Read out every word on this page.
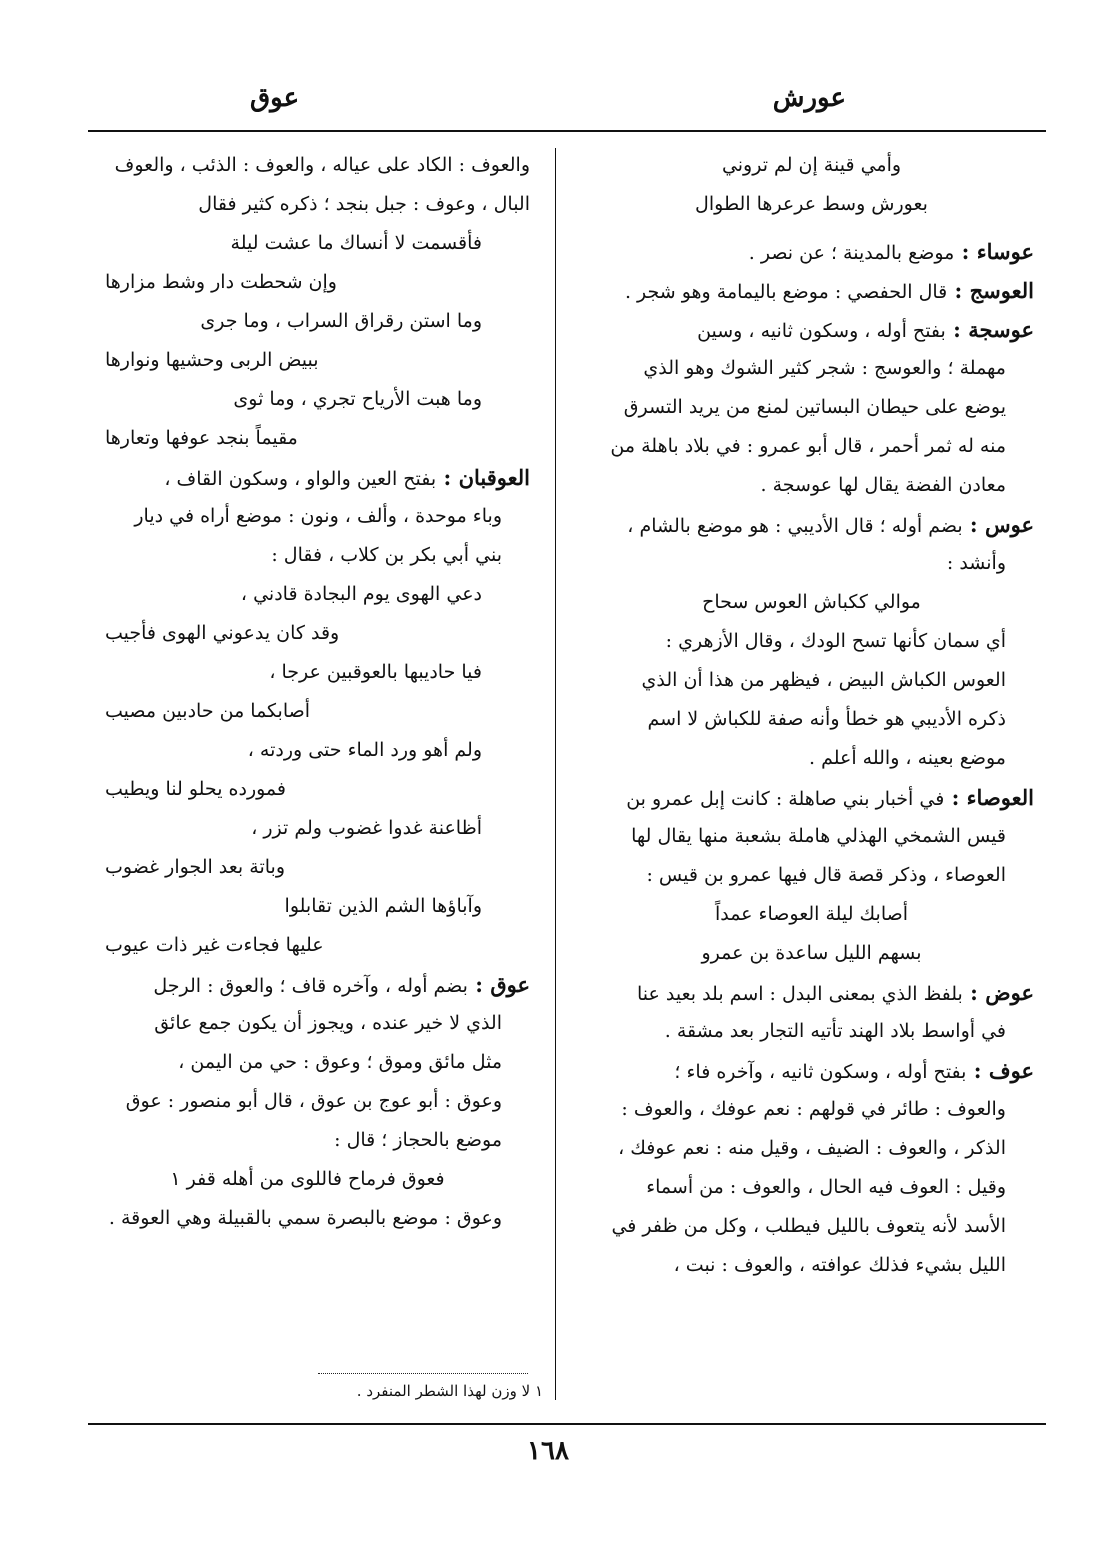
عورش
عوق
وأمي قينة إن لم تروني
بعورش وسط عرعرها الطوال
عوساء : موضع بالمدينة ؛ عن نصر .
العوسج : قال الحفصي : موضع باليمامة وهو شجر .
عوسجة : بفتح أوله ، وسكون ثانيه ، وسين
مهملة ؛ والعوسج : شجر كثير الشوك وهو الذي
يوضع على حيطان البساتين لمنع من يريد التسرق
منه له ثمر أحمر ، قال أبو عمرو : في بلاد باهلة من
معادن الفضة يقال لها عوسجة .
عوس : بضم أوله ؛ قال الأديبي : هو موضع بالشام ،
وأنشد :
موالي ككباش العوس سحاح
أي سمان كأنها تسح الودك ، وقال الأزهري :
العوس الكباش البيض ، فيظهر من هذا أن الذي
ذكره الأديبي هو خطأ وأنه صفة للكباش لا اسم
موضع بعينه ، والله أعلم .
العوصاء : في أخبار بني صاهلة : كانت إبل عمرو بن
قيس الشمخي الهذلي هاملة بشعبة منها يقال لها
العوصاء ، وذكر قصة قال فيها عمرو بن قيس :
أصابك ليلة العوصاء عمداً
بسهم الليل ساعدة بن عمرو
عوض : بلفظ الذي بمعنى البدل : اسم بلد بعيد عنا
في أواسط بلاد الهند تأتيه التجار بعد مشقة .
عوف : بفتح أوله ، وسكون ثانيه ، وآخره فاء ؛
والعوف : طائر في قولهم : نعم عوفك ، والعوف :
الذكر ، والعوف : الضيف ، وقيل منه : نعم عوفك ،
وقيل : العوف فيه الحال ، والعوف : من أسماء
الأسد لأنه يتعوف بالليل فيطلب ، وكل من ظفر في
الليل بشيء فذلك عوافته ، والعوف : نبت ،
والعوف : الكاد على عياله ، والعوف : الذئب ، والعوف
البال ، وعوف : جبل بنجد ؛ ذكره كثير فقال
فأقسمت لا أنساك ما عشت ليلة
وإن شحطت دار وشط مزارها
وما استن رقراق السراب ، وما جرى
ببيض الربى وحشيها ونوارها
وما هبت الأرياح تجري ، وما ثوى
مقيماً بنجد عوفها وتعارها
العوقبان : بفتح العين والواو ، وسكون القاف ،
وباء موحدة ، وألف ، ونون : موضع أراه في ديار
بني أبي بكر بن كلاب ، فقال :
دعي الهوى يوم البجادة قادني ،
وقد كان يدعوني الهوى فأجيب
فيا حاديبها بالعوقبين عرجا ،
أصابكما من حادبين مصيب
ولم أهو ورد الماء حتى وردته ،
فمورده يحلو لنا ويطيب
أظاعنة غدوا غضوب ولم تزر ،
وباتة بعد الجوار غضوب
وآباؤها الشم الذين تقابلوا
عليها فجاءت غير ذات عيوب
عوق : بضم أوله ، وآخره قاف ؛ والعوق : الرجل
الذي لا خير عنده ، ويجوز أن يكون جمع عائق
مثل مائق وموق ؛ وعوق : حي من اليمن ،
وعوق : أبو عوج بن عوق ، قال أبو منصور : عوق
موضع بالحجاز ؛ قال :
فعوق فرماح فاللوى من أهله قفر ١
وعوق : موضع بالبصرة سمي بالقبيلة وهي العوقة .
١ لا وزن لهذا الشطر المنفرد .
١٦٨
